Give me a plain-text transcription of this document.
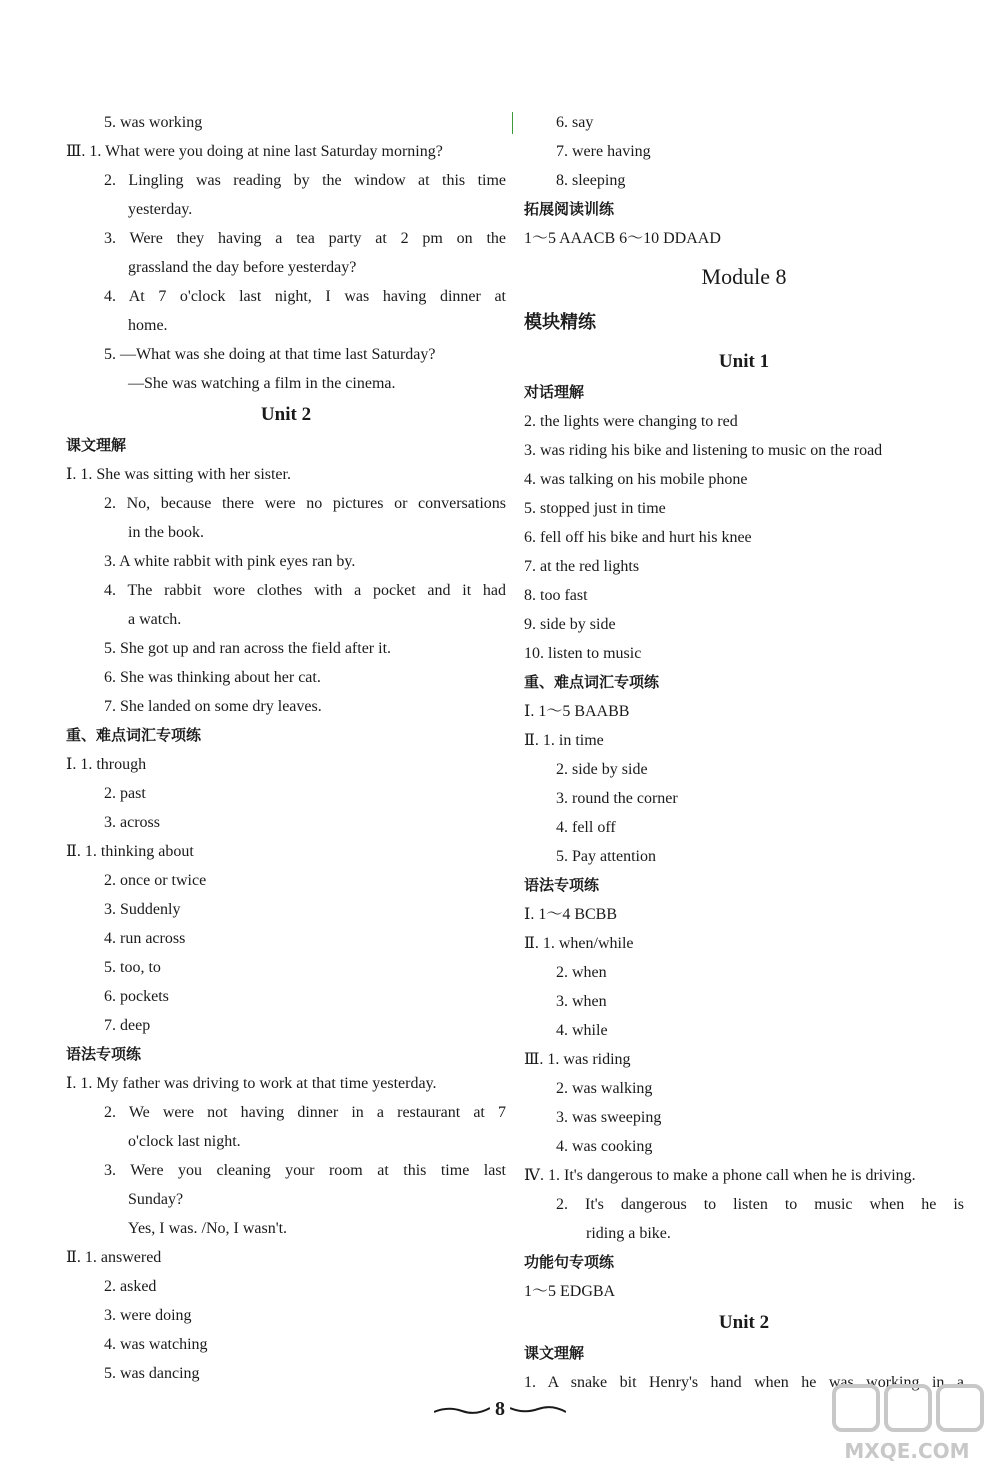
5. was working
Ⅲ. 1. What were you doing at nine last Saturday morning?
2. Lingling was reading by the window at this time
yesterday.
3. Were they having a tea party at 2 pm on the
grassland the day before yesterday?
4. At 7 o'clock last night, I was having dinner at
home.
5. —What was she doing at that time last Saturday?
—She was watching a film in the cinema.
Unit 2
课文理解
Ⅰ. 1. She was sitting with her sister.
2. No, because there were no pictures or conversations
in the book.
3. A white rabbit with pink eyes ran by.
4. The rabbit wore clothes with a pocket and it had
a watch.
5. She got up and ran across the field after it.
6. She was thinking about her cat.
7. She landed on some dry leaves.
重、难点词汇专项练
Ⅰ. 1. through
2. past
3. across
Ⅱ. 1. thinking about
2. once or twice
3. Suddenly
4. run across
5. too, to
6. pockets
7. deep
语法专项练
Ⅰ. 1. My father was driving to work at that time yesterday.
2. We were not having dinner in a restaurant at 7
o'clock last night.
3. Were you cleaning your room at this time last
Sunday?
Yes, I was. /No, I wasn't.
Ⅱ. 1. answered
2. asked
3. were doing
4. was watching
5. was dancing
6. say
7. were having
8. sleeping
拓展阅读训练
1～5 AAACB 6～10 DDAAD
Module 8
模块精练
Unit 1
对话理解
2. the lights were changing to red
3. was riding his bike and listening to music on the road
4. was talking on his mobile phone
5. stopped just in time
6. fell off his bike and hurt his knee
7. at the red lights
8. too fast
9. side by side
10. listen to music
重、难点词汇专项练
Ⅰ. 1～5 BAABB
Ⅱ. 1. in time
2. side by side
3. round the corner
4. fell off
5. Pay attention
语法专项练
Ⅰ. 1～4 BCBB
Ⅱ. 1. when/while
2. when
3. when
4. while
Ⅲ. 1. was riding
2. was walking
3. was sweeping
4. was cooking
Ⅳ. 1. It's dangerous to make a phone call when he is driving.
2. It's dangerous to listen to music when he is
riding a bike.
功能句专项练
1～5 EDGBA
Unit 2
课文理解
1. A snake bit Henry's hand when he was working in a
8
MXQE.COM
